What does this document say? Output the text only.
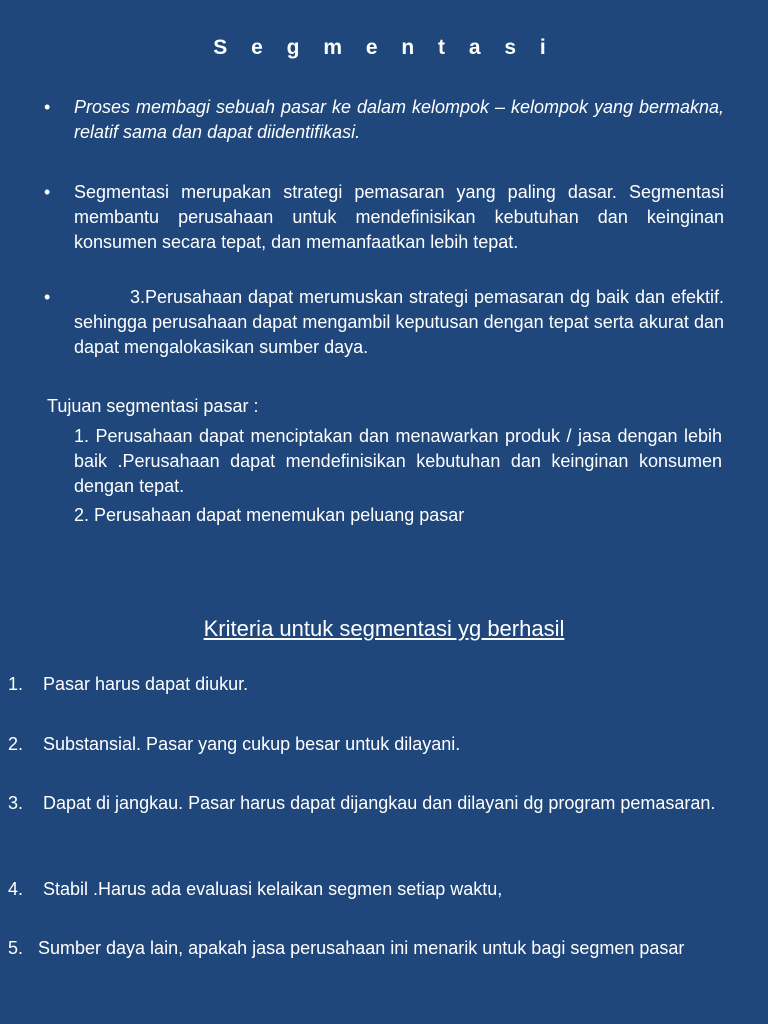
S e g m e n t a s i
• Proses membagi sebuah pasar ke dalam kelompok – kelompok yang bermakna, relatif sama dan dapat diidentifikasi.
• Segmentasi merupakan strategi pemasaran yang paling dasar. Segmentasi membantu perusahaan untuk mendefinisikan kebutuhan dan keinginan konsumen secara tepat, dan memanfaatkan lebih tepat.
•	3.Perusahaan dapat merumuskan strategi pemasaran dg baik dan efektif. sehingga perusahaan dapat mengambil keputusan dengan tepat serta akurat dan dapat mengalokasikan sumber daya.
Tujuan segmentasi pasar :
1. Perusahaan dapat menciptakan dan menawarkan produk / jasa dengan lebih baik .Perusahaan dapat mendefinisikan kebutuhan dan keinginan konsumen dengan tepat.
2. Perusahaan dapat menemukan peluang pasar
Kriteria untuk segmentasi yg berhasil
1. Pasar harus dapat diukur.
2. Substansial. Pasar yang cukup besar untuk dilayani.
3. Dapat di jangkau. Pasar harus dapat dijangkau dan dilayani dg program pemasaran.
4. Stabil .Harus ada evaluasi kelaikan segmen setiap waktu,
5. Sumber daya lain, apakah jasa perusahaan ini menarik untuk bagi segmen pasar
